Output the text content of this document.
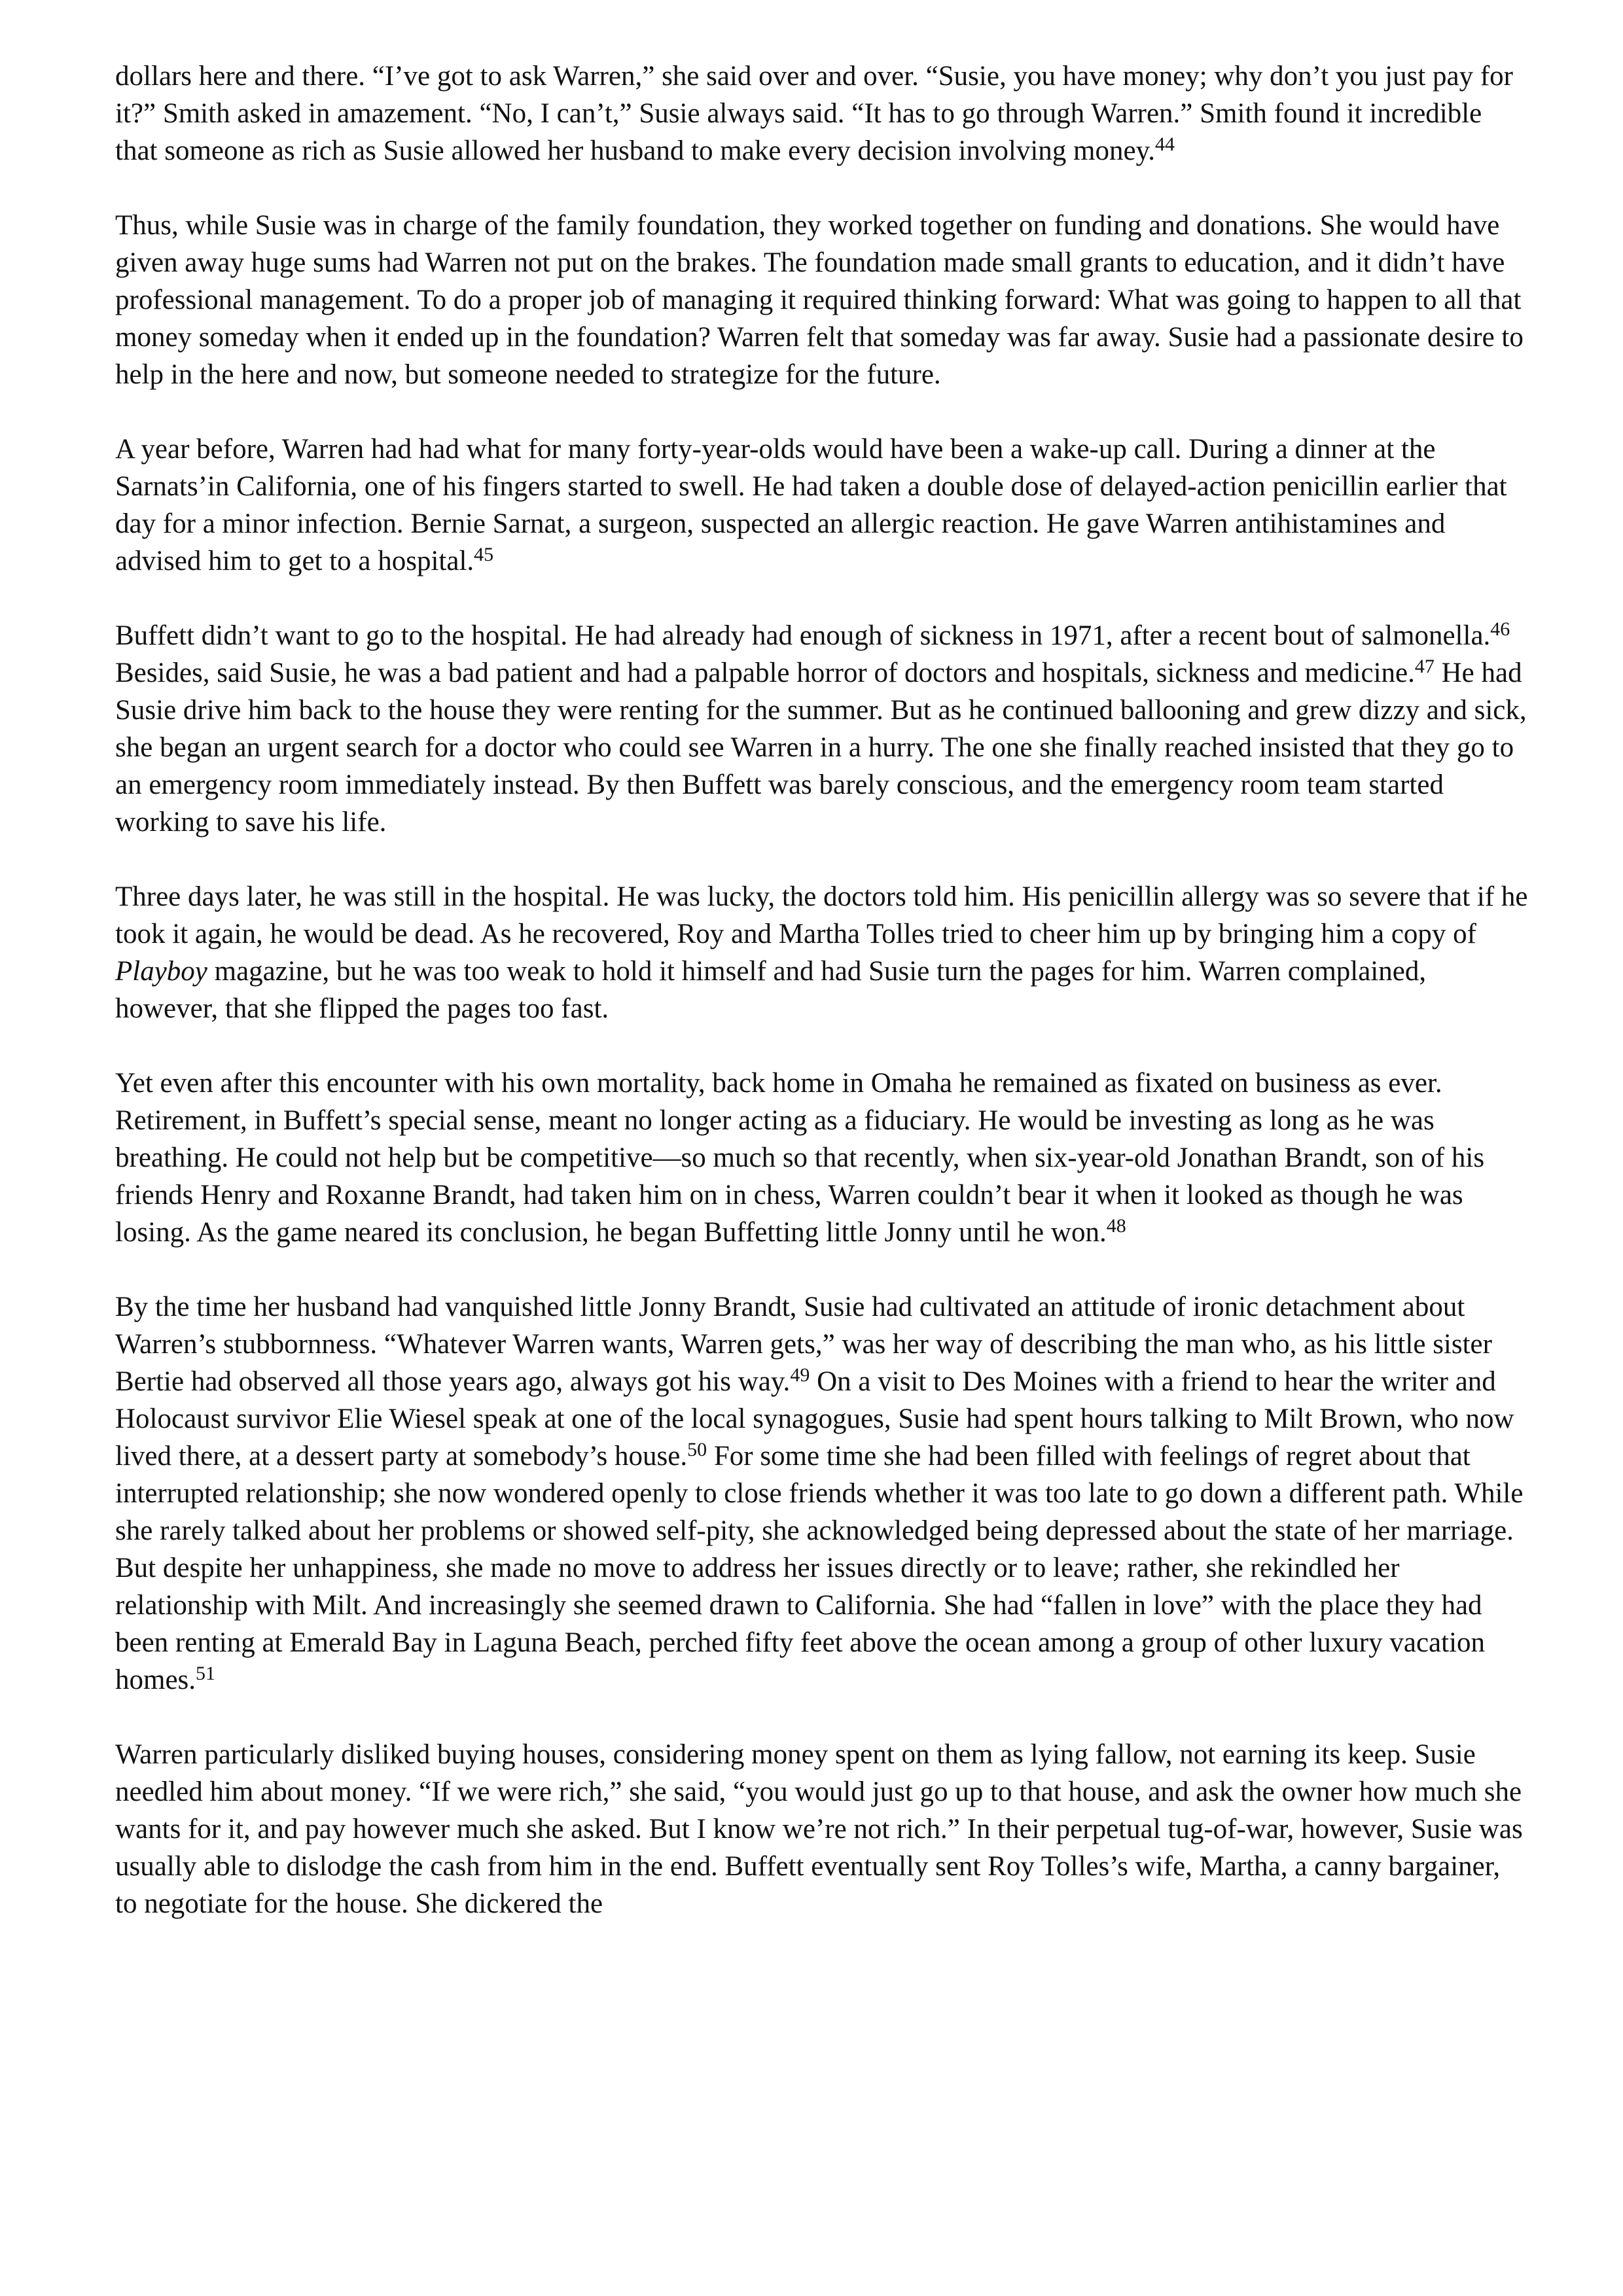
dollars here and there. “I’ve got to ask Warren,” she said over and over. “Susie, you have money; why don’t you just pay for it?” Smith asked in amazement. “No, I can’t,” Susie always said. “It has to go through Warren.” Smith found it incredible that someone as rich as Susie allowed her husband to make every decision involving money.$^{44}$

Thus, while Susie was in charge of the family foundation, they worked together on funding and donations. She would have given away huge sums had Warren not put on the brakes. The foundation made small grants to education, and it didn’t have professional management. To do a proper job of managing it required thinking forward: What was going to happen to all that money someday when it ended up in the foundation? Warren felt that someday was far away. Susie had a passionate desire to help in the here and now, but someone needed to strategize for the future.

A year before, Warren had had what for many forty-year-olds would have been a wake-up call. During a dinner at the Sarnats’in California, one of his fingers started to swell. He had taken a double dose of delayed-action penicillin earlier that day for a minor infection. Bernie Sarnat, a surgeon, suspected an allergic reaction. He gave Warren antihistamines and advised him to get to a hospital.$^{45}$

Buffett didn’t want to go to the hospital. He had already had enough of sickness in 1971, after a recent bout of salmonella.$^{46}$ Besides, said Susie, he was a bad patient and had a palpable horror of doctors and hospitals, sickness and medicine.$^{47}$ He had Susie drive him back to the house they were renting for the summer. But as he continued ballooning and grew dizzy and sick, she began an urgent search for a doctor who could see Warren in a hurry. The one she finally reached insisted that they go to an emergency room immediately instead. By then Buffett was barely conscious, and the emergency room team started working to save his life.

Three days later, he was still in the hospital. He was lucky, the doctors told him. His penicillin allergy was so severe that if he took it again, he would be dead. As he recovered, Roy and Martha Tolles tried to cheer him up by bringing him a copy of Playboy magazine, but he was too weak to hold it himself and had Susie turn the pages for him. Warren complained, however, that she flipped the pages too fast.

Yet even after this encounter with his own mortality, back home in Omaha he remained as fixated on business as ever. Retirement, in Buffett’s special sense, meant no longer acting as a fiduciary. He would be investing as long as he was breathing. He could not help but be competitive—so much so that recently, when six-year-old Jonathan Brandt, son of his friends Henry and Roxanne Brandt, had taken him on in chess, Warren couldn’t bear it when it looked as though he was losing. As the game neared its conclusion, he began Buffetting little Jonny until he won.$^{48}$

By the time her husband had vanquished little Jonny Brandt, Susie had cultivated an attitude of ironic detachment about Warren’s stubbornness. “Whatever Warren wants, Warren gets,” was her way of describing the man who, as his little sister Bertie had observed all those years ago, always got his way.$^{49}$ On a visit to Des Moines with a friend to hear the writer and Holocaust survivor Elie Wiesel speak at one of the local synagogues, Susie had spent hours talking to Milt Brown, who now lived there, at a dessert party at somebody’s house.$^{50}$ For some time she had been filled with feelings of regret about that interrupted relationship; she now wondered openly to close friends whether it was too late to go down a different path. While she rarely talked about her problems or showed self-pity, she acknowledged being depressed about the state of her marriage. But despite her unhappiness, she made no move to address her issues directly or to leave; rather, she rekindled her relationship with Milt. And increasingly she seemed drawn to California. She had “fallen in love” with the place they had been renting at Emerald Bay in Laguna Beach, perched fifty feet above the ocean among a group of other luxury vacation homes.$^{51}$

Warren particularly disliked buying houses, considering money spent on them as lying fallow, not earning its keep. Susie needled him about money. “If we were rich,” she said, “you would just go up to that house, and ask the owner how much she wants for it, and pay however much she asked. But I know we’re not rich.” In their perpetual tug-of-war, however, Susie was usually able to dislodge the cash from him in the end. Buffett eventually sent Roy Tolles’s wife, Martha, a canny bargainer, to negotiate for the house. She dickered the
